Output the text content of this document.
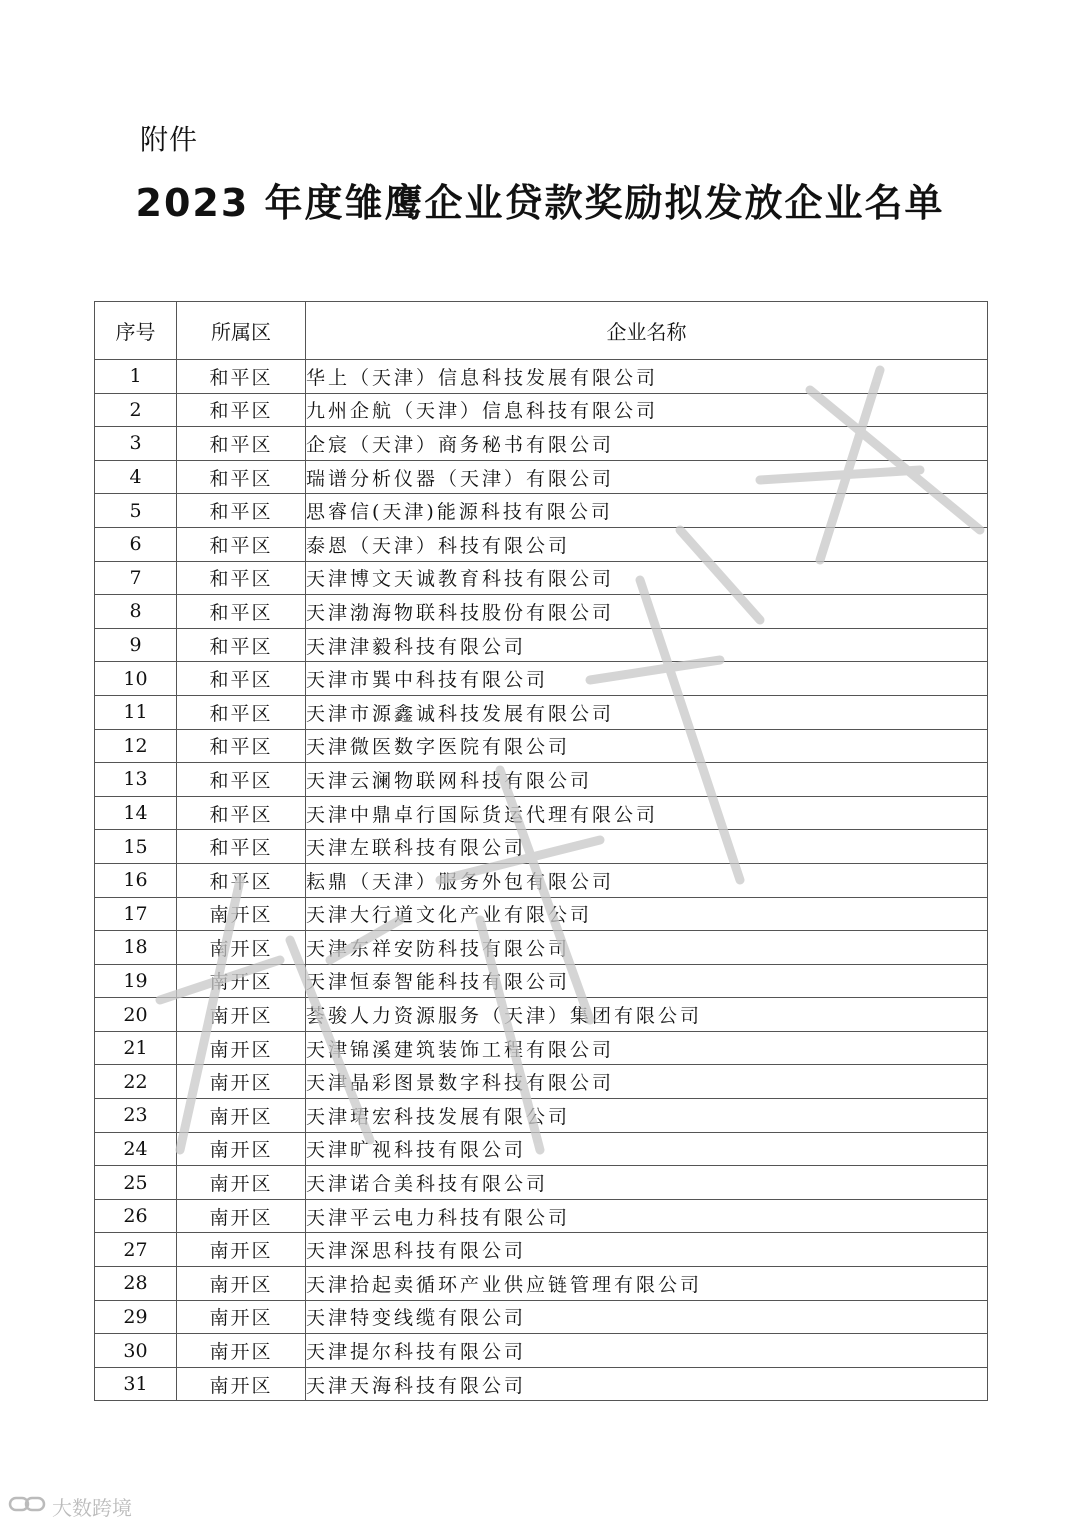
附件
2023 年度雏鹰企业贷款奖励拟发放企业名单
序号	所属区	企业名称
1	和平区	华上（天津）信息科技发展有限公司
2	和平区	九州企航（天津）信息科技有限公司
3	和平区	企宸（天津）商务秘书有限公司
4	和平区	瑞谱分析仪器（天津）有限公司
5	和平区	思睿信(天津)能源科技有限公司
6	和平区	泰恩（天津）科技有限公司
7	和平区	天津博文天诚教育科技有限公司
8	和平区	天津渤海物联科技股份有限公司
9	和平区	天津津毅科技有限公司
10	和平区	天津市巽中科技有限公司
11	和平区	天津市源鑫诚科技发展有限公司
12	和平区	天津微医数字医院有限公司
13	和平区	天津云澜物联网科技有限公司
14	和平区	天津中鼎卓行国际货运代理有限公司
15	和平区	天津左联科技有限公司
16	和平区	耘鼎（天津）服务外包有限公司
17	南开区	天津大行道文化产业有限公司
18	南开区	天津东祥安防科技有限公司
19	南开区	天津恒泰智能科技有限公司
20	南开区	荟骏人力资源服务（天津）集团有限公司
21	南开区	天津锦溪建筑装饰工程有限公司
22	南开区	天津晶彩图景数字科技有限公司
23	南开区	天津珺宏科技发展有限公司
24	南开区	天津旷视科技有限公司
25	南开区	天津诺合美科技有限公司
26	南开区	天津平云电力科技有限公司
27	南开区	天津深思科技有限公司
28	南开区	天津拾起卖循环产业供应链管理有限公司
29	南开区	天津特变线缆有限公司
30	南开区	天津提尔科技有限公司
31	南开区	天津天海科技有限公司
大数跨境
